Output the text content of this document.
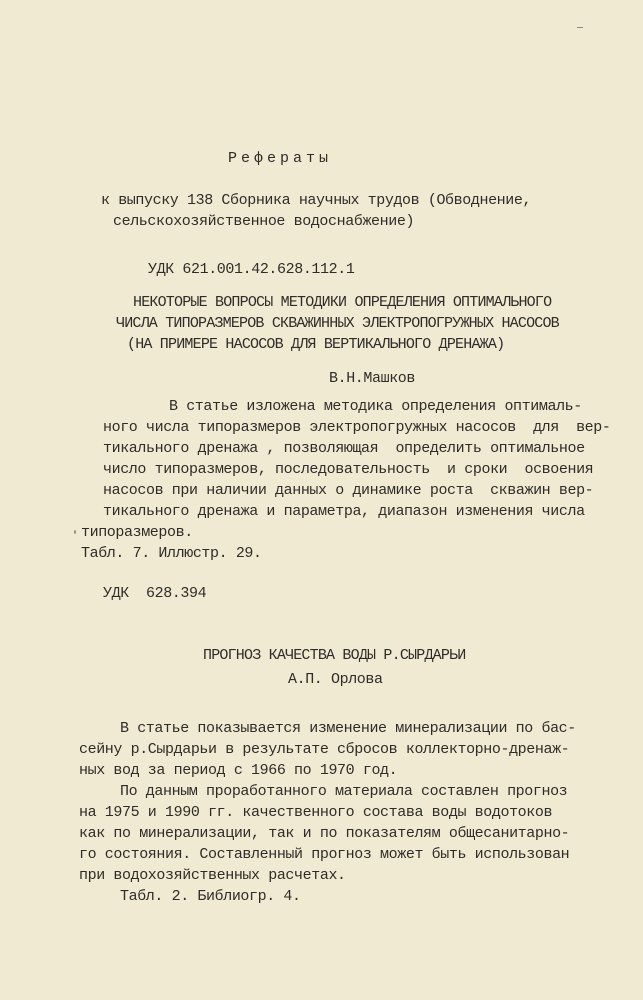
Рефераты
к выпуску 138 Сборника научных трудов (Обводнение,
сельскохозяйственное водоснабжение)
УДК 621.001.42.628.112.1
НЕКОТОРЫЕ ВОПРОСЫ МЕТОДИКИ ОПРЕДЕЛЕНИЯ ОПТИМАЛЬНОГО
ЧИСЛА ТИПОРАЗМЕРОВ СКВАЖИННЫХ ЭЛЕКТРОПОГРУЖНЫХ НАСОСОВ
(НА ПРИМЕРЕ НАСОСОВ ДЛЯ ВЕРТИКАЛЬНОГО ДРЕНАЖА)
В.Н.Машков
В статье изложена методика определения оптималь-
ного числа типоразмеров электропогружных насосов  для  вер-
тикального дренажа , позволяющая  определить оптимальное
число типоразмеров, последовательность  и сроки  освоения
насосов при наличии данных о динамике роста  скважин вер-
тикального дренажа и параметра, диапазон изменения числа
' типоразмеров.
Табл. 7. Иллюстр. 29.
УДК  628.394
ПРОГНОЗ КАЧЕСТВА ВОДЫ Р.СЫРДАРЬИ
А.П. Орлова
В статье показывается изменение минерализации по бас-
сейну р.Сырдарьи в результате сбросов коллекторно-дренаж-
ных вод за период с 1966 по 1970 год.
По данным проработанного материала составлен прогноз
на 1975 и 1990 гг. качественного состава воды водотоков
как по минерализации, так и по показателям общесанитарно-
го состояния. Составленный прогноз может быть использован
при водохозяйственных расчетах.
Табл. 2. Библиогр. 4.
